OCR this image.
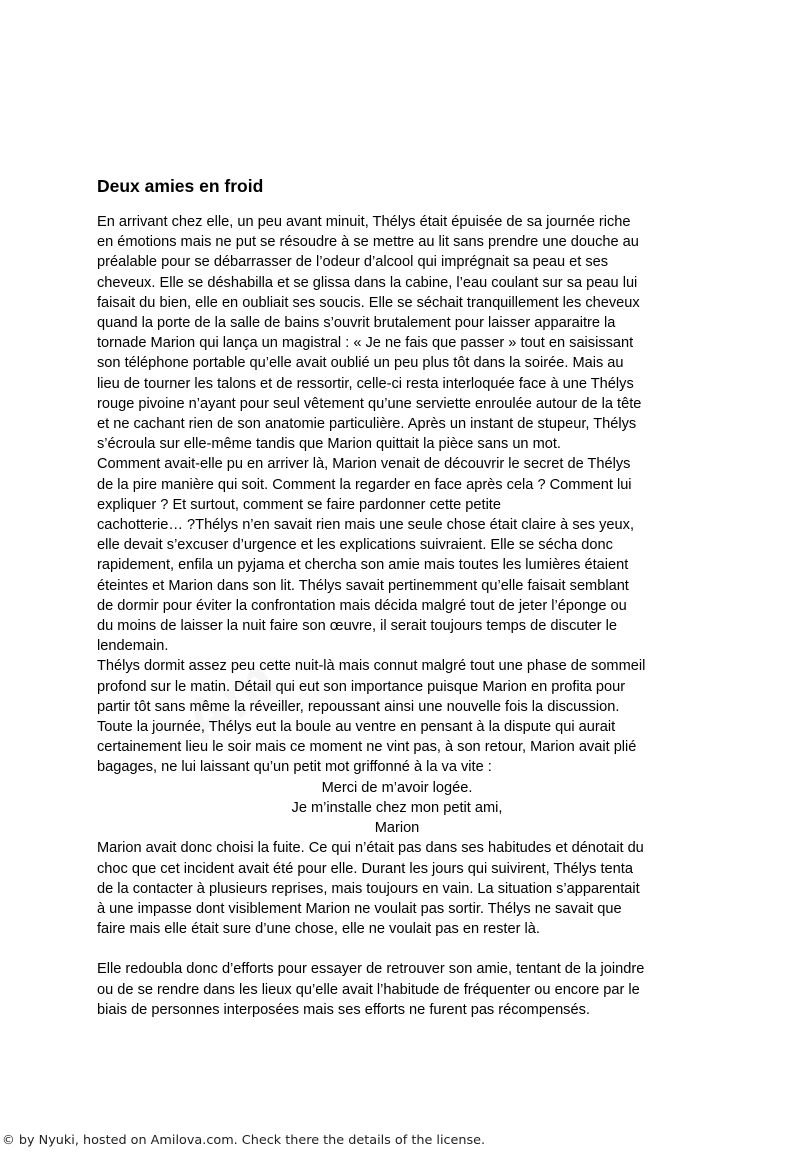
Deux amies en froid
En arrivant chez elle, un peu avant minuit, Thélys était épuisée de sa journée riche
en émotions mais ne put se résoudre à se mettre au lit sans prendre une douche au
préalable pour se débarrasser de l’odeur d’alcool qui imprégnait sa peau et ses
cheveux. Elle se déshabilla et se glissa dans la cabine, l’eau coulant sur sa peau lui
faisait du bien, elle en oubliait ses soucis. Elle se séchait tranquillement les cheveux
quand la porte de la salle de bains s’ouvrit brutalement pour laisser apparaitre la
tornade Marion qui lança un magistral : « Je ne fais que passer » tout en saisissant
son téléphone portable qu’elle avait oublié un peu plus tôt dans la soirée. Mais au
lieu de tourner les talons et de ressortir, celle-ci resta interloquée face à une Thélys
rouge pivoine n’ayant pour seul vêtement qu’une serviette enroulée autour de la tête
et ne cachant rien de son anatomie particulière. Après un instant de stupeur, Thélys
s’écroula sur elle-même tandis que Marion quittait la pièce sans un mot.
Comment avait-elle pu en arriver là, Marion venait de découvrir le secret de Thélys
de la pire manière qui soit. Comment la regarder en face après cela ? Comment lui
expliquer ? Et surtout, comment se faire pardonner cette petite
cachotterie… ?Thélys n’en savait rien mais une seule chose était claire à ses yeux,
elle devait s’excuser d’urgence et les explications suivraient. Elle se sécha donc
rapidement, enfila un pyjama et chercha son amie mais toutes les lumières étaient
éteintes et Marion dans son lit. Thélys savait pertinemment qu’elle faisait semblant
de dormir pour éviter la confrontation mais décida malgré tout de jeter l’éponge ou
du moins de laisser la nuit faire son œuvre, il serait toujours temps de discuter le
lendemain.
Thélys dormit assez peu cette nuit-là mais connut malgré tout une phase de sommeil
profond sur le matin. Détail qui eut son importance puisque Marion en profita pour
partir tôt sans même la réveiller, repoussant ainsi une nouvelle fois la discussion.
Toute la journée, Thélys eut la boule au ventre en pensant à la dispute qui aurait
certainement lieu le soir mais ce moment ne vint pas, à son retour, Marion avait plié
bagages, ne lui laissant qu’un petit mot griffonné à la va vite :
Merci de m’avoir logée.
Je m’installe chez mon petit ami,
Marion
Marion avait donc choisi la fuite. Ce qui n’était pas dans ses habitudes et dénotait du
choc que cet incident avait été pour elle. Durant les jours qui suivirent, Thélys tenta
de la contacter à plusieurs reprises, mais toujours en vain. La situation s’apparentait
à une impasse dont visiblement Marion ne voulait pas sortir. Thélys ne savait que
faire mais elle était sure d’une chose, elle ne voulait pas en rester là.
Elle redoubla donc d’efforts pour essayer de retrouver son amie, tentant de la joindre
ou de se rendre dans les lieux qu’elle avait l’habitude de fréquenter ou encore par le
biais de personnes interposées mais ses efforts ne furent pas récompensés.
© by Nyuki, hosted on Amilova.com. Check there the details of the license.
